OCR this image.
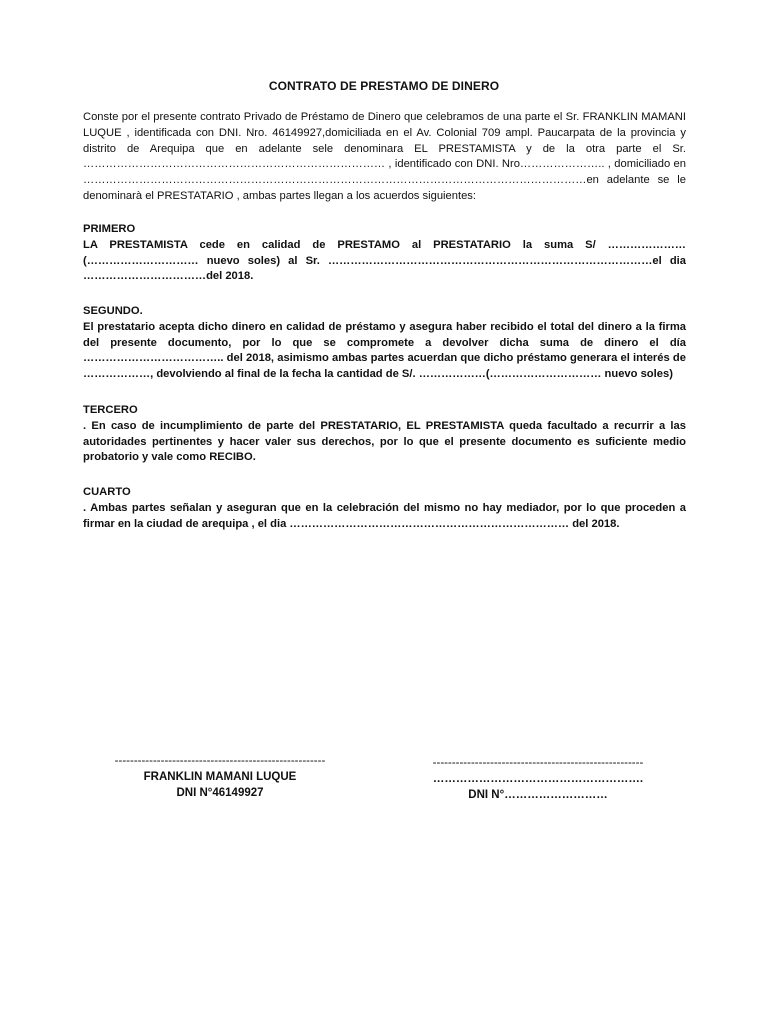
CONTRATO DE PRESTAMO DE DINERO
Conste por el presente contrato Privado de Préstamo de Dinero que celebramos de una parte el Sr. FRANKLIN MAMANI LUQUE , identificada con DNI. Nro. 46149927,domiciliada en el Av. Colonial 709 ampl. Paucarpata de la provincia y distrito de Arequipa que en adelante sele denominara EL PRESTAMISTA y de la otra parte el Sr. ……………………………………………………………………… , identificado con DNI. Nro………………….. , domiciliado en ………………………………………………………………………………………………………………………en adelante se le denominarà el PRESTATARIO , ambas partes llegan a los acuerdos siguientes:
PRIMERO
LA PRESTAMISTA cede en calidad de PRESTAMO al PRESTATARIO la suma S/ ………………… (………………………… nuevo soles) al Sr. ……………………………………………………………………………el dia ……………………………del 2018.
SEGUNDO.
El prestatario acepta dicho dinero en calidad de préstamo y asegura haber recibido el total del dinero a la firma del presente documento, por lo que se compromete a devolver dicha suma de dinero el día ……………………………….. del 2018, asimismo ambas partes acuerdan que dicho préstamo generara el interés de ………………, devolviendo al final de la fecha la cantidad de S/. ………………(………………………… nuevo soles)
TERCERO
. En caso de incumplimiento de parte del PRESTATARIO, EL PRESTAMISTA queda facultado a recurrir a las autoridades pertinentes y hacer valer sus derechos, por lo que el presente documento es suficiente medio probatorio y vale como RECIBO.
CUARTO
. Ambas partes señalan y aseguran que en la celebración del mismo no hay mediador, por lo que proceden a firmar en la ciudad de arequipa , el dia ………………………………………………………………… del 2018.
-------------------------------------------------------
FRANKLIN MAMANI LUQUE
DNI N°46149927
-------------------------------------------------------
……………………………………………….
DNI N°………………………
